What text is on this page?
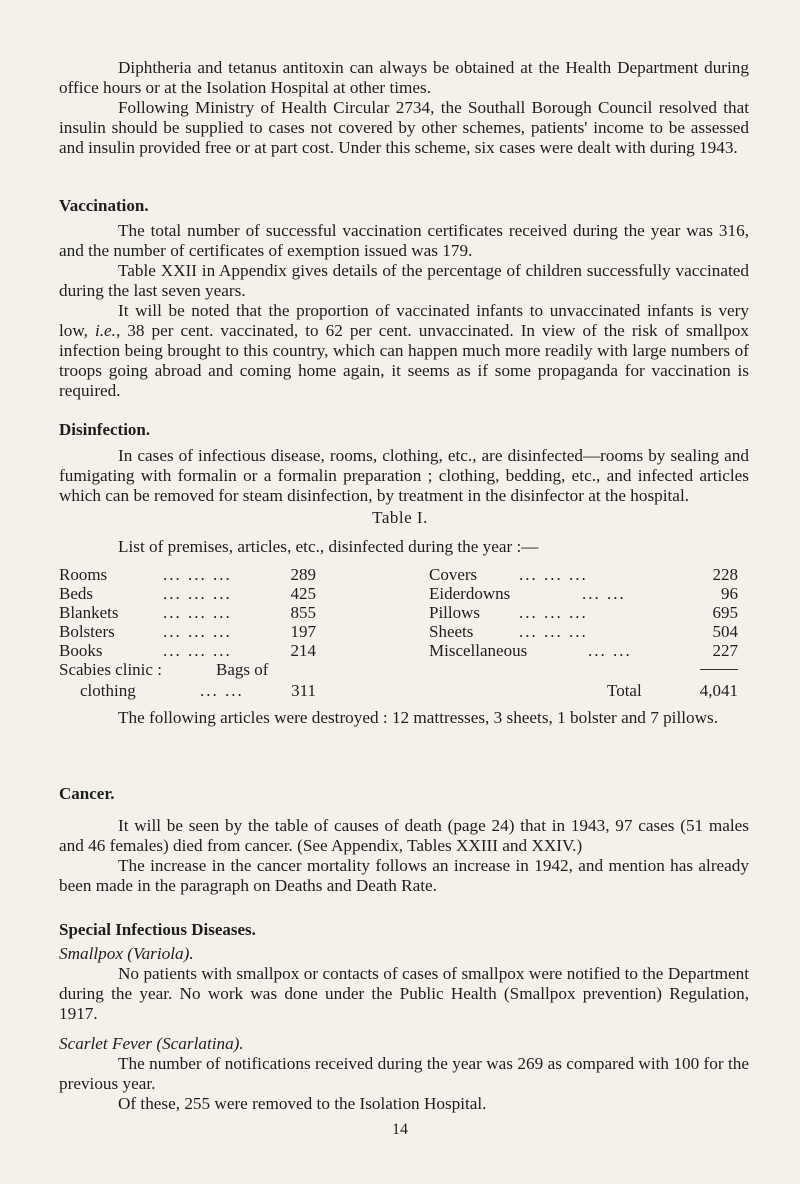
Diphtheria and tetanus antitoxin can always be obtained at the Health Department during office hours or at the Isolation Hospital at other times.

Following Ministry of Health Circular 2734, the Southall Borough Council resolved that insulin should be supplied to cases not covered by other schemes, patients' income to be assessed and insulin provided free or at part cost. Under this scheme, six cases were dealt with during 1943.

Vaccination.

The total number of successful vaccination certificates received during the year was 316, and the number of certificates of exemption issued was 179.

Table XXII in Appendix gives details of the percentage of children successfully vaccinated during the last seven years.

It will be noted that the proportion of vaccinated infants to unvaccinated infants is very low, i.e., 38 per cent. vaccinated, to 62 per cent. unvaccinated. In view of the risk of smallpox infection being brought to this country, which can happen much more readily with large numbers of troops going abroad and coming home again, it seems as if some propaganda for vaccination is required.

Disinfection.

In cases of infectious disease, rooms, clothing, etc., are disinfected—rooms by sealing and fumigating with formalin or a formalin preparation ; clothing, bedding, etc., and infected articles which can be removed for steam disinfection, by treatment in the disinfector at the hospital.

Table I.

List of premises, articles, etc., disinfected during the year :—

Rooms	... ... ...	289
Beds	... ... ...	425
Blankets	... ... ...	855
Bolsters	... ... ...	197
Books	... ... ...	214
Scabies clinic :	Bags of
clothing	... ...	311
Covers ... ... ...	228
Eiderdowns	... ...	96
Pillows ... ... ...	695
Sheets	... ... ...	504
Miscellaneous	... ...	227
Total	4,041

The following articles were destroyed : 12 mattresses, 3 sheets, 1 bolster and 7 pillows.

Cancer.

It will be seen by the table of causes of death (page 24) that in 1943, 97 cases (51 males and 46 females) died from cancer. (See Appendix, Tables XXIII and XXIV.)

The increase in the cancer mortality follows an increase in 1942, and mention has already been made in the paragraph on Deaths and Death Rate.

Special Infectious Diseases.
Smallpox (Variola).

No patients with smallpox or contacts of cases of smallpox were notified to the Department during the year. No work was done under the Public Health (Smallpox prevention) Regulation, 1917.

Scarlet Fever (Scarlatina).

The number of notifications received during the year was 269 as compared with 100 for the previous year.

Of these, 255 were removed to the Isolation Hospital.

14
